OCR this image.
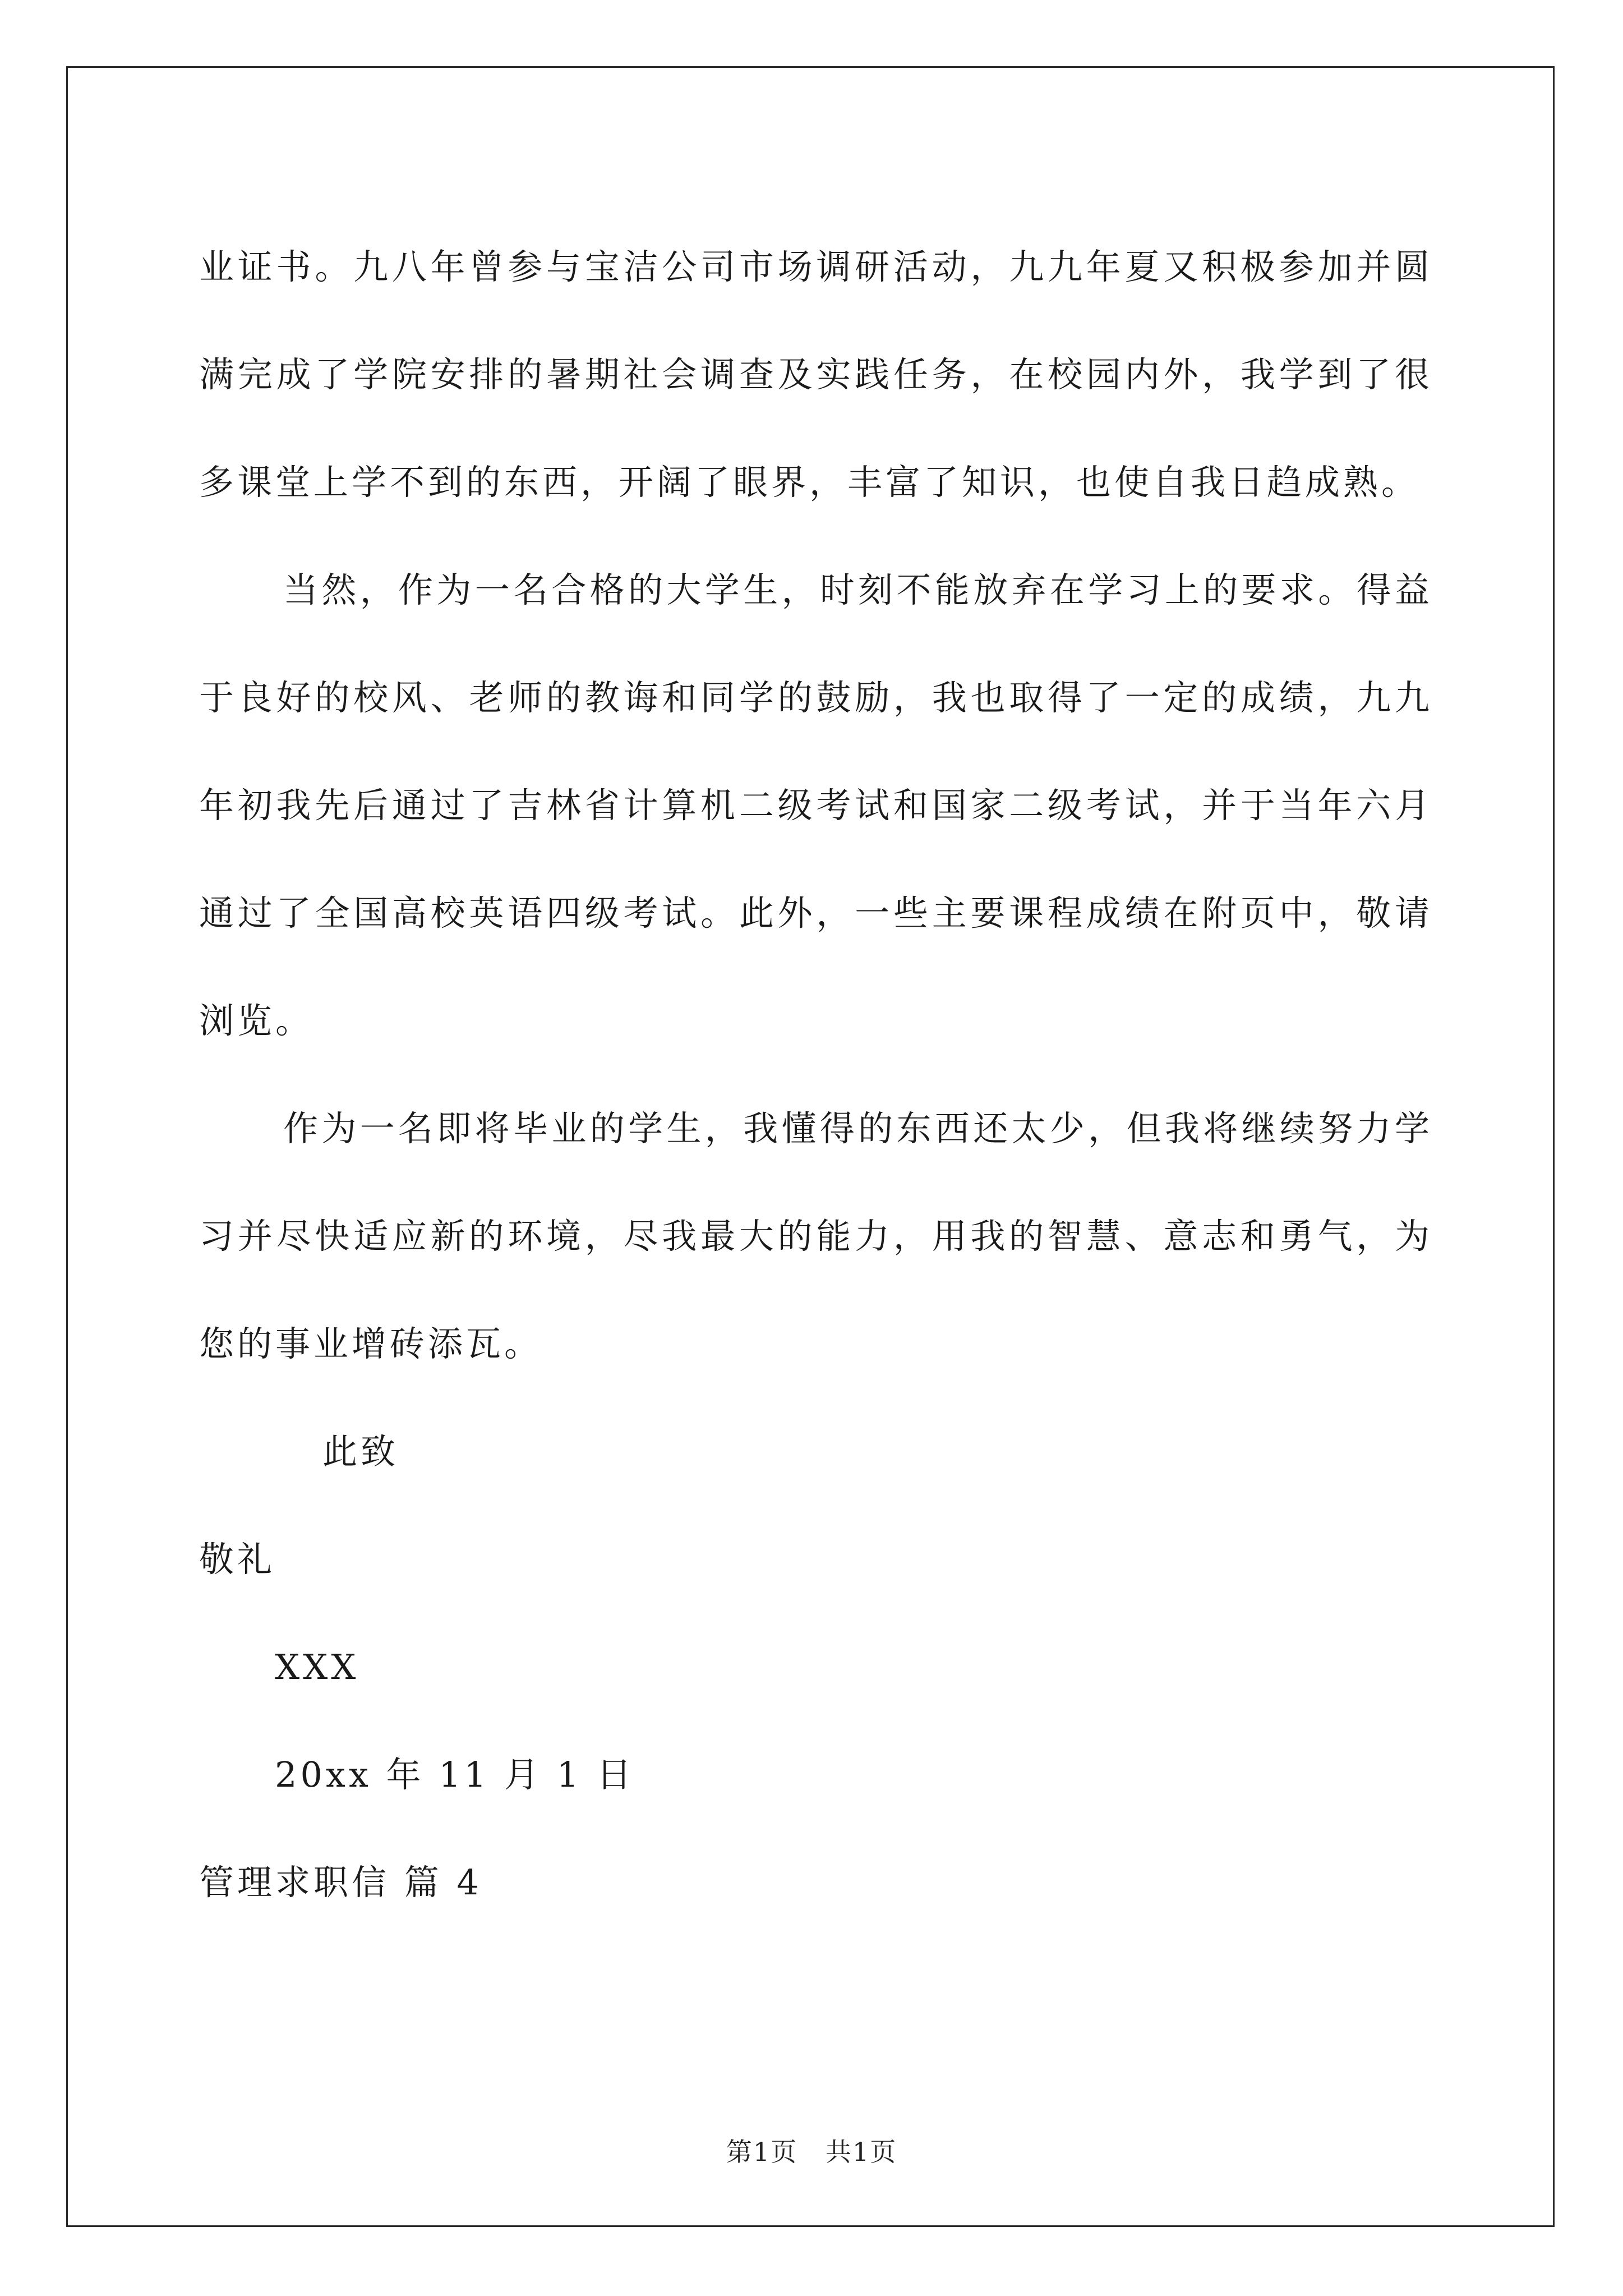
业证书。九八年曾参与宝洁公司市场调研活动，九九年夏又积极参加并圆满完成了学院安排的暑期社会调查及实践任务，在校园内外，我学到了很多课堂上学不到的东西，开阔了眼界，丰富了知识，也使自我日趋成熟。

当然，作为一名合格的大学生，时刻不能放弃在学习上的要求。得益于良好的校风、老师的教诲和同学的鼓励，我也取得了一定的成绩，九九年初我先后通过了吉林省计算机二级考试和国家二级考试，并于当年六月通过了全国高校英语四级考试。此外，一些主要课程成绩在附页中，敬请浏览。

作为一名即将毕业的学生，我懂得的东西还太少，但我将继续努力学习并尽快适应新的环境，尽我最大的能力，用我的智慧、意志和勇气，为您的事业增砖添瓦。

此致

敬礼

XXX

20xx 年 11 月 1 日

管理求职信 篇 4

第1页   共1页
